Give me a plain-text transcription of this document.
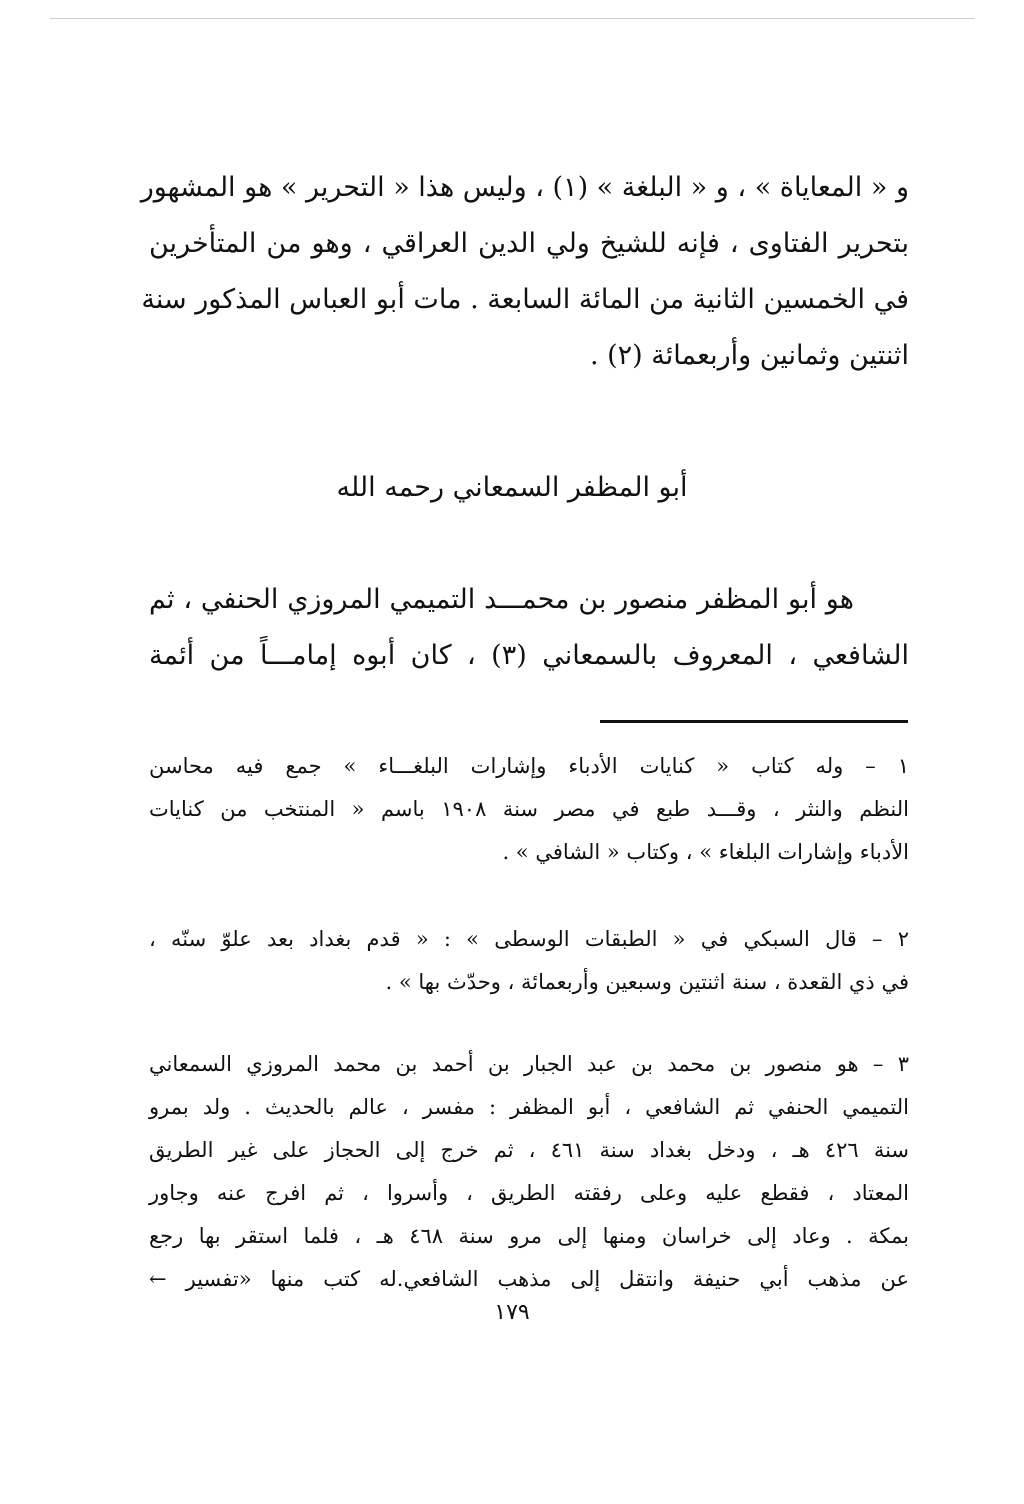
و « المعاياة » ، و « البلغة » (١) ، وليس هذا « التحرير » هو المشهور
بتحرير الفتاوى ، فإنه للشيخ ولي الدين العراقي ، وهو من المتأخرين
في الخمسين الثانية من المائة السابعة . مات أبو العباس المذكور سنة
اثنتين وثمانين وأربعمائة (٢) .
أبو المظفر السمعاني رحمه الله
هو أبو المظفر منصور بن محمـــد التميمي المروزي الحنفي ، ثم
الشافعي ، المعروف بالسمعاني (٣) ، كان أبوه إمامـــاً من أئمة
١ – وله كتاب « كنايات الأدباء وإشارات البلغـــاء » جمع فيه محاسن
النظم والنثر ، وقـــد طبع في مصر سنة ١٩٠٨ باسم « المنتخب من كنايات
الأدباء وإشارات البلغاء » ، وكتاب « الشافي » .
٢ – قال السبكي في « الطبقات الوسطى » : « قدم بغداد بعد علوّ سنّه ،
في ذي القعدة ، سنة اثنتين وسبعين وأربعمائة ، وحدّث بها » .
٣ – هو منصور بن محمد بن عبد الجبار بن أحمد بن محمد المروزي السمعاني
التميمي الحنفي ثم الشافعي ، أبو المظفر : مفسر ، عالم بالحديث . ولد بمرو
سنة ٤٢٦ هـ ، ودخل بغداد سنة ٤٦١ ، ثم خرج إلى الحجاز على غير الطريق
المعتاد ، فقطع عليه وعلى رفقته الطريق ، وأسروا ، ثم افرج عنه وجاور
بمكة . وعاد إلى خراسان ومنها إلى مرو سنة ٤٦٨ هـ ، فلما استقر بها رجع
عن مذهب أبي حنيفة وانتقل إلى مذهب الشافعي.له كتب منها «تفسير ←
١٧٩
